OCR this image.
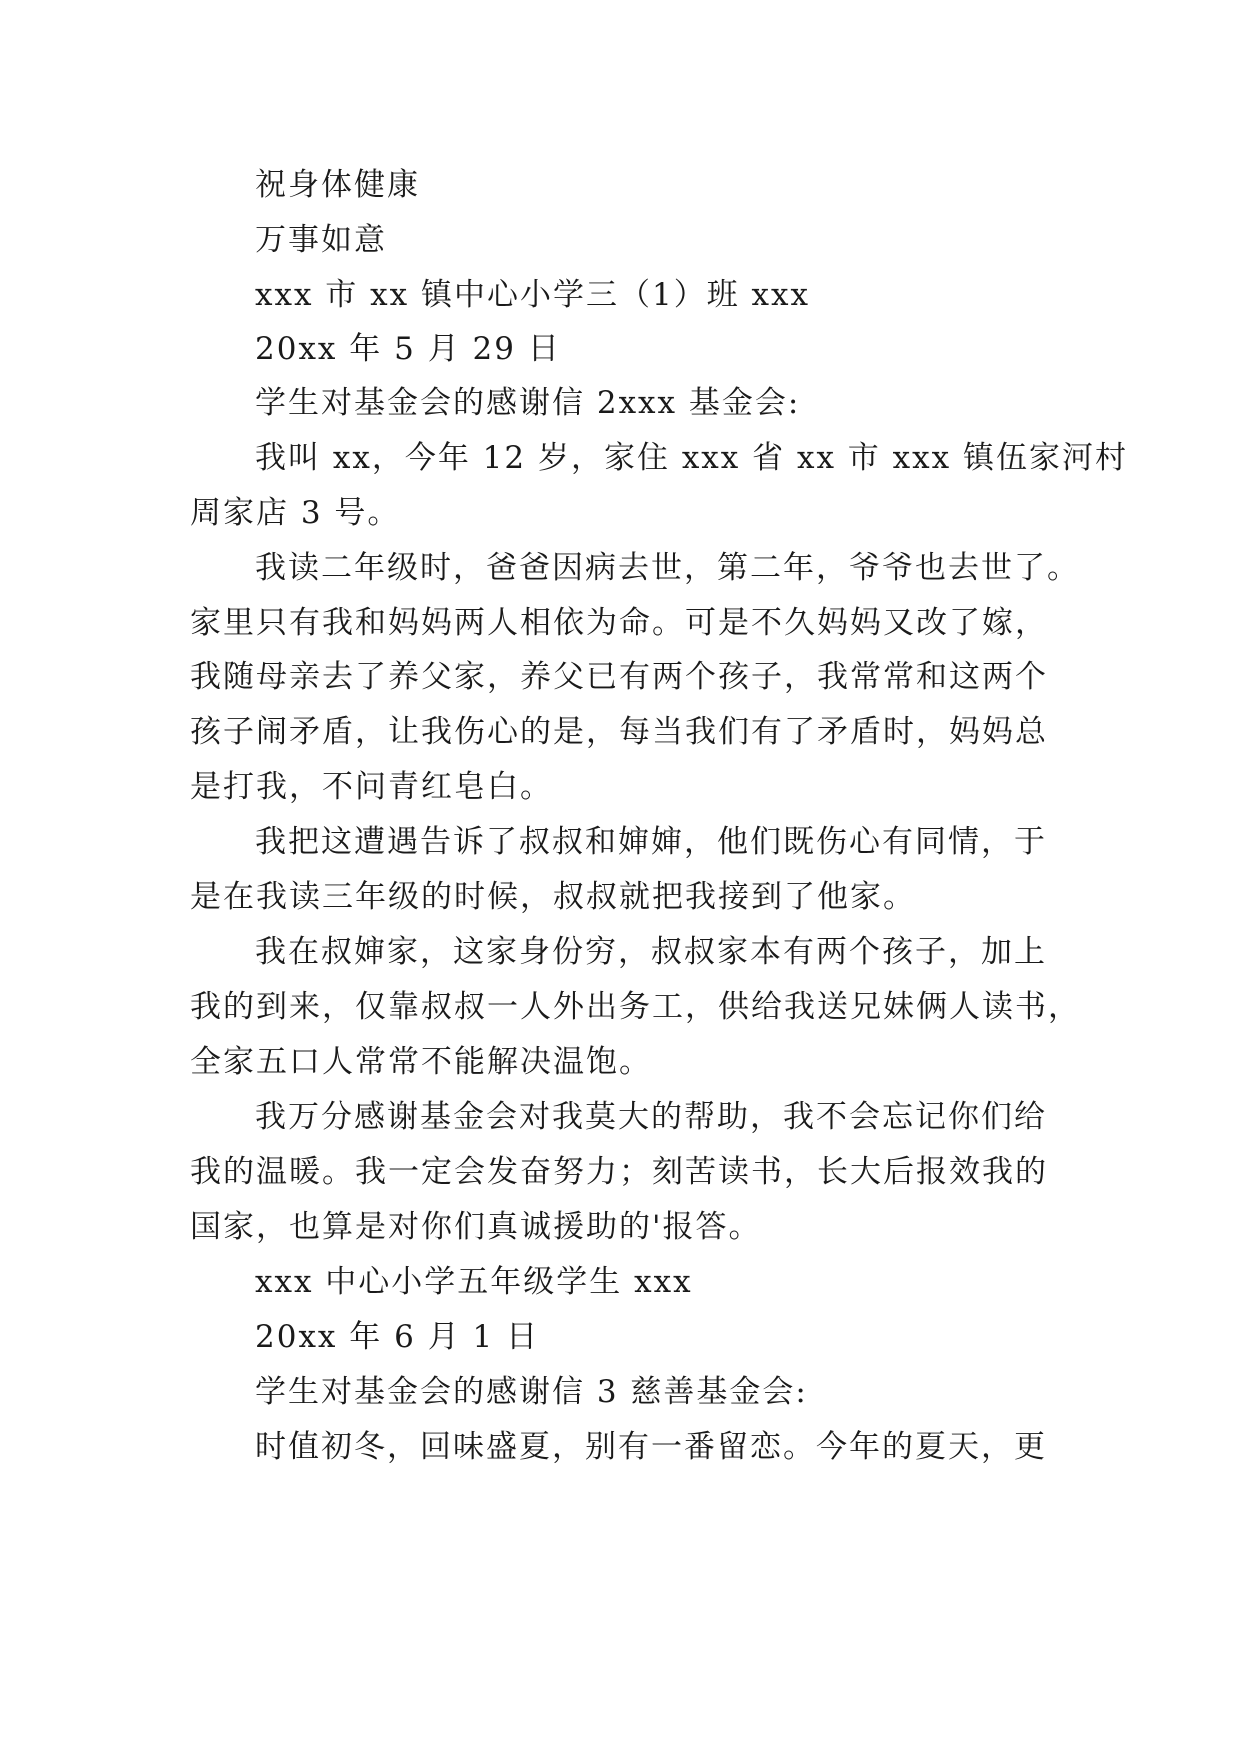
祝身体健康
万事如意
xxx 市 xx 镇中心小学三（1）班 xxx
20xx 年 5 月 29 日
学生对基金会的感谢信 2xxx 基金会:
我叫 xx，今年 12 岁，家住 xxx 省 xx 市 xxx 镇伍家河村
周家店 3 号。
我读二年级时，爸爸因病去世，第二年，爷爷也去世了。
家里只有我和妈妈两人相依为命。可是不久妈妈又改了嫁，
我随母亲去了养父家，养父已有两个孩子，我常常和这两个
孩子闹矛盾，让我伤心的是，每当我们有了矛盾时，妈妈总
是打我，不问青红皂白。
我把这遭遇告诉了叔叔和婶婶，他们既伤心有同情，于
是在我读三年级的时候，叔叔就把我接到了他家。
我在叔婶家，这家身份穷，叔叔家本有两个孩子，加上
我的到来，仅靠叔叔一人外出务工，供给我送兄妹俩人读书，
全家五口人常常不能解决温饱。
我万分感谢基金会对我莫大的帮助，我不会忘记你们给
我的温暖。我一定会发奋努力；刻苦读书，长大后报效我的
国家，也算是对你们真诚援助的'报答。
xxx 中心小学五年级学生 xxx
20xx 年 6 月 1 日
学生对基金会的感谢信 3 慈善基金会:
时值初冬，回味盛夏，别有一番留恋。今年的夏天，更
